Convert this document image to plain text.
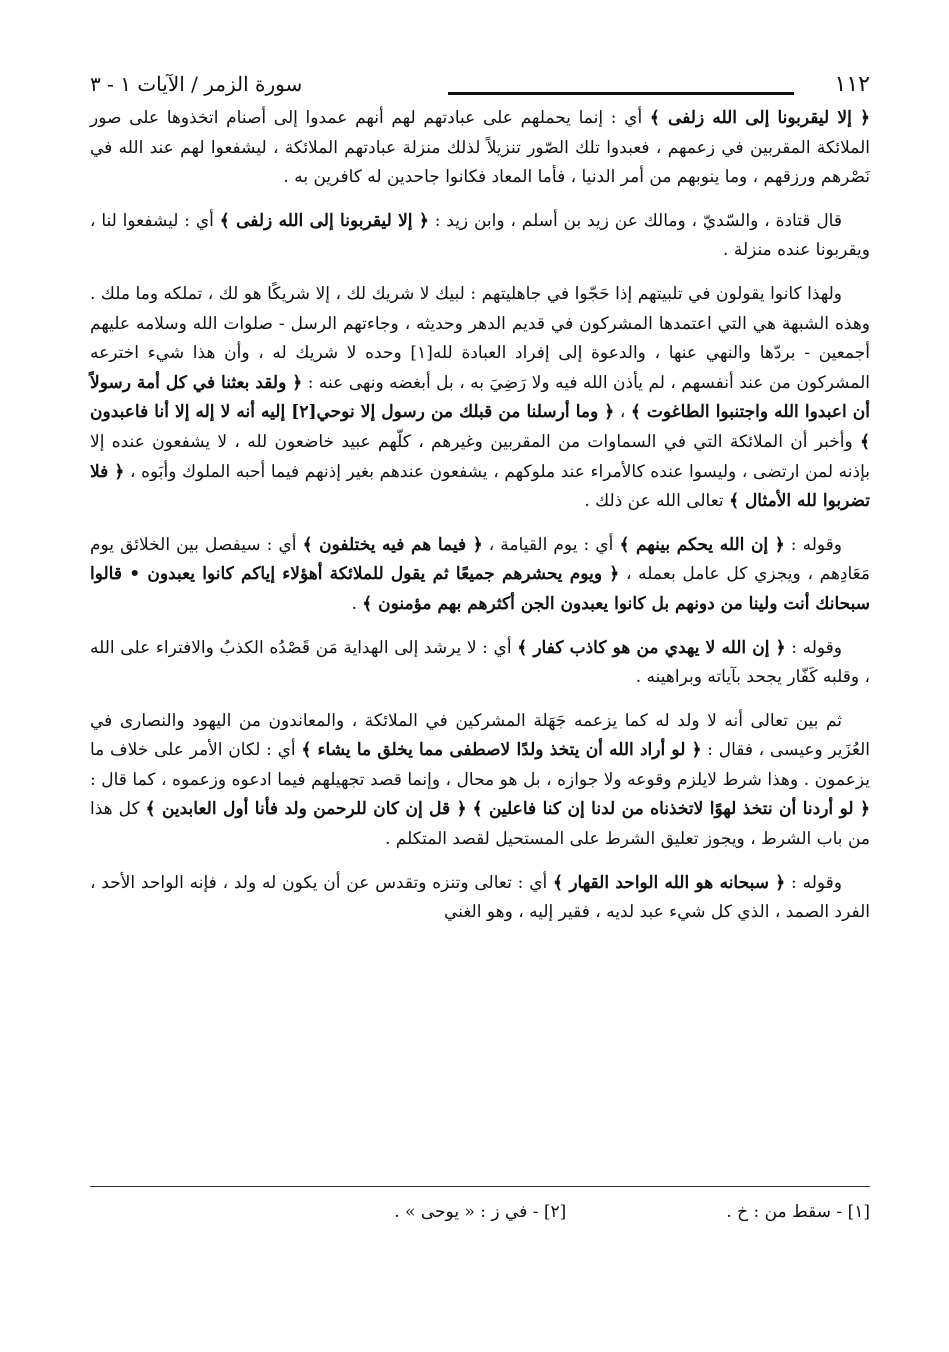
١١٢
سورة الزمر / الآيات ١ - ٣

﴿ إلا ليقربونا إلى الله زلفى ﴾ أي : إنما يحملهم على عبادتهم لهم أنهم عمدوا إلى أصنام اتخذوها على صور الملائكة المقربين في زعمهم ، فعبدوا تلك الصّور تنزيلاً لذلك منزلة عبادتهم الملائكة ، ليشفعوا لهم عند الله في نَصْرهم ورزقهم ، وما ينوبهم من أمر الدنيا ، فأما المعاد فكانوا جاحدين له كافرين به .

قال قتادة ، والسّديّ ، ومالك عن زيد بن أسلم ، وابن زيد : ﴿ إلا ليقربونا إلى الله زلفى ﴾ أي : ليشفعوا لنا ، ويقربونا عنده منزلة .

ولهذا كانوا يقولون في تلبيتهم إذا حَجّوا في جاهليتهم : لبيك لا شريك لك ، إلا شريكًا هو لك ، تملكه وما ملك . وهذه الشبهة هي التي اعتمدها المشركون في قديم الدهر وحديثه ، وجاءتهم الرسل - صلوات الله وسلامه عليهم أجمعين - بردّها والنهي عنها ، والدعوة إلى إفراد العبادة لله[١] وحده لا شريك له ، وأن هذا شيء اخترعه المشركون من عند أنفسهم ، لم يأذن الله فيه ولا رَضِيَ به ، بل أبغضه ونهى عنه : ﴿ ولقد بعثنا في كل أمة رسولاً أن اعبدوا الله واجتنبوا الطاغوت ﴾ ، ﴿ وما أرسلنا من قبلك من رسول إلا نوحي[٢] إليه أنه لا إله إلا أنا فاعبدون ﴾ وأخبر أن الملائكة التي في السماوات من المقربين وغيرهم ، كلّهم عبيد خاضعون لله ، لا يشفعون عنده إلا بإذنه لمن ارتضى ، وليسوا عنده كالأمراء عند ملوكهم ، يشفعون عندهم بغير إذنهم فيما أحبه الملوك وأبَوه ، ﴿ فلا تضربوا لله الأمثال ﴾ تعالى الله عن ذلك .

وقوله : ﴿ إن الله يحكم بينهم ﴾ أي : يوم القيامة ، ﴿ فيما هم فيه يختلفون ﴾ أي : سيفصل بين الخلائق يوم مَعَادِهم ، ويجزي كل عامل بعمله ، ﴿ ويوم يحشرهم جميعًا ثم يقول للملائكة أهؤلاء إياكم كانوا يعبدون • قالوا سبحانك أنت ولينا من دونهم بل كانوا يعبدون الجن أكثرهم بهم مؤمنون ﴾ .

وقوله : ﴿ إن الله لا يهدي من هو كاذب كفار ﴾ أي : لا يرشد إلى الهداية مَن قَصْدُه الكذبُ والافتراء على الله ، وقلبه كَفّار يجحد بآياته وبراهينه .

ثم بين تعالى أنه لا ولد له كما يزعمه جَهَلة المشركين في الملائكة ، والمعاندون من اليهود والنصارى في العُزَير وعيسى ، فقال : ﴿ لو أراد الله أن يتخذ ولدًا لاصطفى مما يخلق ما يشاء ﴾ أي : لكان الأمر على خلاف ما يزعمون . وهذا شرط لايلزم وقوعه ولا جوازه ، بل هو محال ، وإنما قصد تجهيلهم فيما ادعوه وزعموه ، كما قال : ﴿ لو أردنا أن نتخذ لهوًا لاتخذناه من لدنا إن كنا فاعلين ﴾ ﴿ قل إن كان للرحمن ولد فأنا أول العابدين ﴾ كل هذا من باب الشرط ، ويجوز تعليق الشرط على المستحيل لقصد المتكلم .

وقوله : ﴿ سبحانه هو الله الواحد القهار ﴾ أي : تعالى وتنزه وتقدس عن أن يكون له ولد ، فإنه الواحد الأحد ، الفرد الصمد ، الذي كل شيء عبد لديه ، فقير إليه ، وهو الغني

[١] - سقط من : خ .
[٢] - في ز : « يوحى » .
